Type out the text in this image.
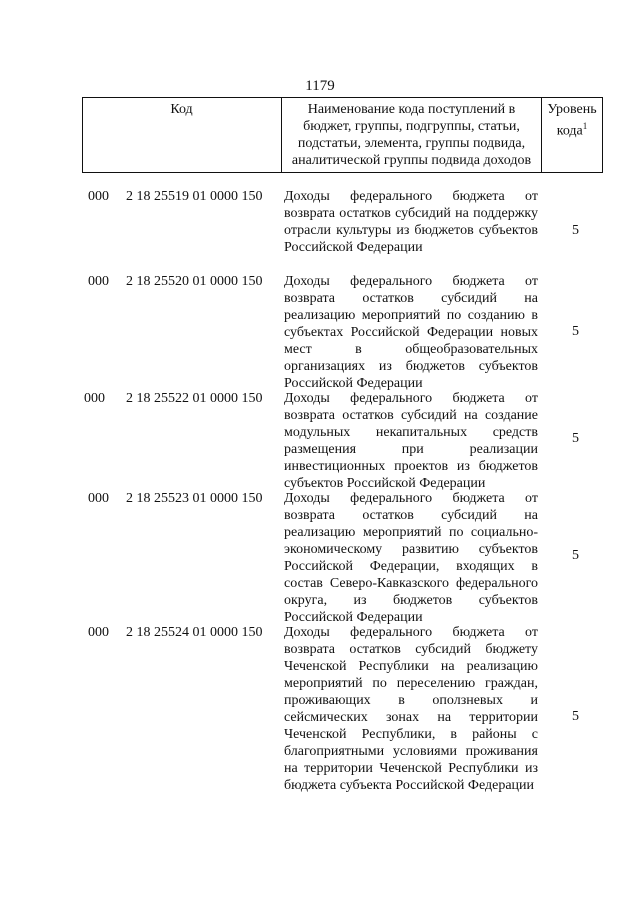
1179
Код	Наименование кода поступлений в бюджет, группы, подгруппы, статьи, подстатьи, элемента, группы подвида, аналитической группы подвида доходов
Уровень кода$^1$
000 2 18 25519 01 0000 150 Доходы федерального бюджета от возврата остатков субсидий на поддержку отрасли культуры из бюджетов субъектов Российской Федерации
5
000 2 18 25520 01 0000 150 Доходы федерального бюджета от возврата остатков субсидий на реализацию мероприятий по созданию в субъектах Российской Федерации новых мест в общеобразовательных организациях из бюджетов субъектов Российской Федерации
5
000 2 18 25522 01 0000 150 Доходы федерального бюджета от возврата остатков субсидий на создание модульных некапитальных средств размещения при реализации инвестиционных проектов из бюджетов субъектов Российской Федерации
5
000 2 18 25523 01 0000 150 Доходы федерального бюджета от возврата остатков субсидий на реализацию мероприятий по социально-экономическому развитию субъектов Российской Федерации, входящих в состав Северо-Кавказского федерального округа, из бюджетов субъектов Российской Федерации
5
000 2 18 25524 01 0000 150 Доходы федерального бюджета от возврата остатков субсидий бюджету Чеченской Республики на реализацию мероприятий по переселению граждан, проживающих в оползневых и сейсмических зонах на территории Чеченской Республики, в районы с благоприятными условиями проживания на территории Чеченской Республики из бюджета субъекта Российской Федерации
5
